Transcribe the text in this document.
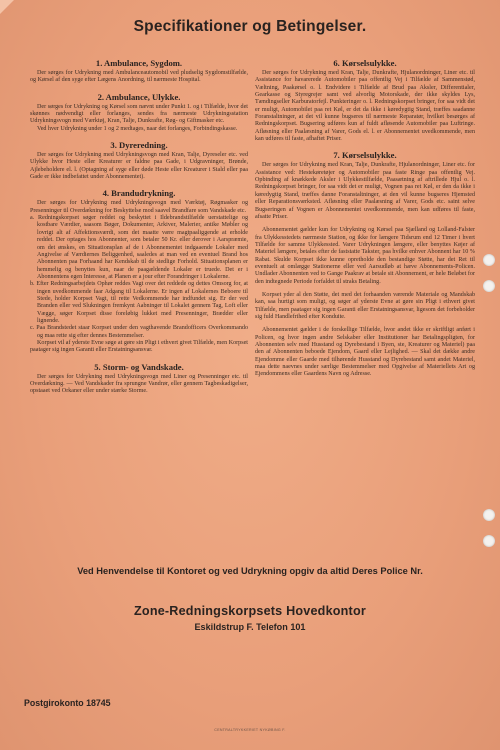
Specifikationer og Betingelser.
1. Ambulance, Sygdom.

Der sørges for Udrykning med Ambulanceautomobil ved pludselig Sygdomstilfælde, og Kørsel af den syge efter Lægens Anordning, til nærmeste Hospital.

2. Ambulance, Ulykke.

Der sørges for Udrykning og Kørsel som nævnt under Punkt 1. og i Tilfælde, hvor det skønnes nødvendigt eller forlanges, sendes fra nærmeste Udrykningsstation Udrykningsvogn med Værktøj, Kran, Talje, Dunkrafte, Røg- og Giftmasker etc.

Ved hver Udrykning under 1 og 2 medtages, naar det forlanges, Forbindingskasse.

3. Dyreredning.

Der sørges for Udrykning med Udrykningsvogn med Kran, Talje, Dyreseler etc. ved Ulykke hvor Heste eller Kreaturer er faldne paa Gade, i Udgravninger, Brønde, Ajlebeholdere el. l. (Optagning af syge eller døde Heste eller Kreaturer i Stald eller paa Gade er ikke indbefattet under Abonnementet).

4. Brandudrykning.

Der sørges for Udrykning med Udrykningsvogn med Værktøj, Røgmasker og Presenninger til Overdækning for Beskyttelse mod saavel Brandfare som Vandskade etc.

a. Redningskorpset søger reddet og beskyttet i Ildebrandstilfælde uerstattelige og kostbare Værdier, saasom Bøger, Dokumenter, Arkiver, Malerier, antike Møbler og lovrigt alt af Affektionsværdi, som det maatte være magtpaaliggende at erholde reddet. Der optages hos Abonnenter, som betaler 50 Kr. eller derover i Aarspræmie, om det ønskes, en Situationsplan af de i Abonnementet indgaaende Lokaler med Angivelse af Værdiernes Beliggenhed, saaledes at man ved en eventuel Brand hos Abonnenten paa Forhaand har Kendskab til de stedlige Forhold. Situationsplanen er hemmelig og benyttes kun, naar de paagældende Lokaler er truede. Det er i Abonnentens egen Interesse, at Planen er a jour efter Forandringer i Lokalerne.

b. Efter Redningsarbejdets Ophør reddes Vagt over det reddede og dettes Omsorg for, at ingen uvedkommende faar Adgang til Lokalerne. Er ingen af Lokalernes Beboere til Stede, holder Korpset Vagt, til rette Vedkommende har indfundet sig. Er der ved Branden eller ved Slukningen fremkynt Aabninger til Lokalet gennem Tag, Loft eller Vægge, søger Korpset disse foreløbig lukket med Presenninger, Brædder eller lignende.

c. Paa Brandstedet staar Korpset under den vagthavende Brandofficers Overkommando og maa rette sig efter dennes Bestemmelser.

Korpset vil af yderste Evne søge at gøre sin Pligt i ethvert givet Tilfælde, men Korpset paatager sig ingen Garanti eller Erstatningsansvar.

5. Storm- og Vandskade.

Der sørges for Udrykning med Udrykningsvogn med Liner og Presenninger etc. til Overdækning. — Ved Vandskader fra sprungne Vandrør, eller gennem Tagbeskadigelser, opstaaet ved Orkaner eller under stærke Storme.

6. Kørselsulykke.

Der sørges for Udrykning med Kran, Talje, Dunkrafte, Hjulanordninger, Liner etc. til Assistance for havarerede Automobiler paa offentlig Vej i Tilfælde af Sammenstød, Væltning, Paakørsel o. l. Endvidere i Tilfælde af Brud paa Aksler, Differentialer, Gearkasse og Styregrejer samt ved alvorlig Motorskade, der ikke skyldes Lys, Tændingseller Karburatorfejl. Punkteringer o. l. Redningskorpset bringer, for saa vidt det er muligt, Automobilet paa ret Køl, er det da ikke i køredygtig Stand, træffes saadanne Foranstaltninger, at det vil kunne bugseres til nærmeste Reparatør, hvilket besørges af Redningskorpset. Bugsering udføres kun af fuldt afløsende Automobiler paa Luftringe. Afløsning eller Paalæsning af Varer, Gods el. l. er Abonnementet uvedkommende, men kan udføres til faste, afhaftet Priser.

7. Kørselsulykke.

Der sørges for Udrykning med Kran, Talje, Dunkrafte, Hjulanordninger, Liner etc. for Assistance ved: Hestekøretøjer og Automobiler paa faste Ringe paa offentlig Vej. Opbinding af knækkede Aksler i Ulykkestilfælde, Paasætning af aftrillede Hjul o. l. Redningskorpset bringer, for saa vidt det er muligt, Vognen paa ret Køl, er den da ikke i køredygtig Stand, træffes danne Foranstaltninger, at den vil kunne bugseres Hjemsted eller Reparationsværksted. Afløsning eller Paalæsning af Varer, Gods etc. saint selve Bugseringen af Vognen er Abonnementet uvedkommende, men kan udføres til faste, afsatte Priser.

Abonnementet gælder kun for Udrykning og Kørsel paa Sjælland og Lolland-Falster fra Ulykkesstedets nærmeste Station, og ikke for længere Tidsrum end 12 Timer i hvert Tilfælde for samme Ulykkessted. Varer Udrykningen længere, eller benyttes Køjer af Materiel længere, betales efter de faststatte Takster, paa hvilke enhver Abonnent har 10 % Rabat. Skulde Korpset ikke kunne opretholde den bestandige Støtte, har det Ret til eventuelt at omlægge Stationerne eller ved Aarsudløb at hæve Abonnements-Policen. Undlader Abonnenten ved to Gange Paakrav at betale sit Abonnement, er hele Beløbet for den indtegnede Periode forfaldet til straks Betaling.

Korpset yder al den Støtte, det med det forhaanden værende Materiale og Mandskab kan, saa hurtigt som muligt, og søger af yderste Evne at gøre sin Pligt i ethvert givet Tilfælde, men paatager sig ingen Garanti eller Erstatningsansvar, ligesom det forbeholder sig fuld Handlefrihed efter Konduite.

Abonnementet gælder i de forskellige Tilfælde, hvor andet ikke er skriftligt anført i Policen, og hvor ingen andre Selskaber eller Institutioner har Betalingspligten, for Abonnenten selv med Husstand og Dyrebestand i Byen, ste, Kreaturer og Materiel) paa den af Abonnenten beboede Ejendom, Gaard eller Lejlighed. — Skal det dække andre Ejendomme eller Gaarde med tilhørende Husstand og Dyrebestand samt andet Materiel, maa dette naevnes under særlige Bestemmelser med Opgivelse af Materiellets Art og Ejendommens eller Gaardens Navn og Adresse.

Ved Henvendelse til Kontoret og ved Udrykning opgiv da altid Deres Police Nr.
Zone-Redningskorpsets Hovedkontor
Eskildstrup F. Telefon 101
Postgirokonto 18745
CENTRALTRYKKERIET NYKØBING F.
